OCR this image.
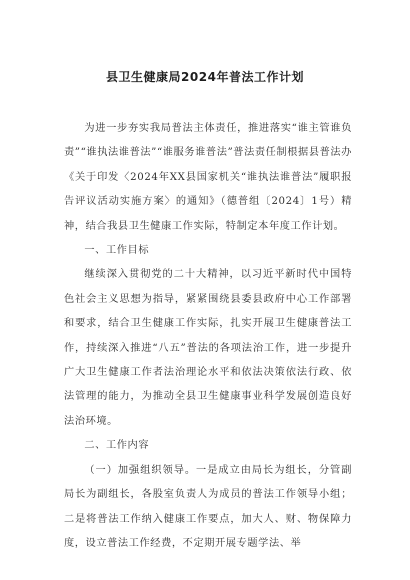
县卫生健康局2024年普法工作计划

为进一步夯实我局普法主体责任，推进落实“谁主管谁负责”“谁执法谁普法”“谁服务谁普法”普法责任制根据县普法办《关于印发〈2024年XX县国家机关“谁执法谁普法”履职报告评议活动实施方案〉的通知》（德普组〔2024〕1号）精神，结合我县卫生健康工作实际，特制定本年度工作计划。

一、工作目标

继续深入贯彻党的二十大精神，以习近平新时代中国特色社会主义思想为指导，紧紧围绕县委县政府中心工作部署和要求，结合卫生健康工作实际，扎实开展卫生健康普法工作，持续深入推进“八五”普法的各项法治工作，进一步提升广大卫生健康工作者法治理论水平和依法决策依法行政、依法管理的能力，为推动全县卫生健康事业科学发展创造良好法治环境。

二、工作内容

（一）加强组织领导。一是成立由局长为组长，分管副局长为副组长，各股室负责人为成员的普法工作领导小组；二是将普法工作纳入健康工作要点，加大人、财、物保障力度，设立普法工作经费，不定期开展专题学法、举
